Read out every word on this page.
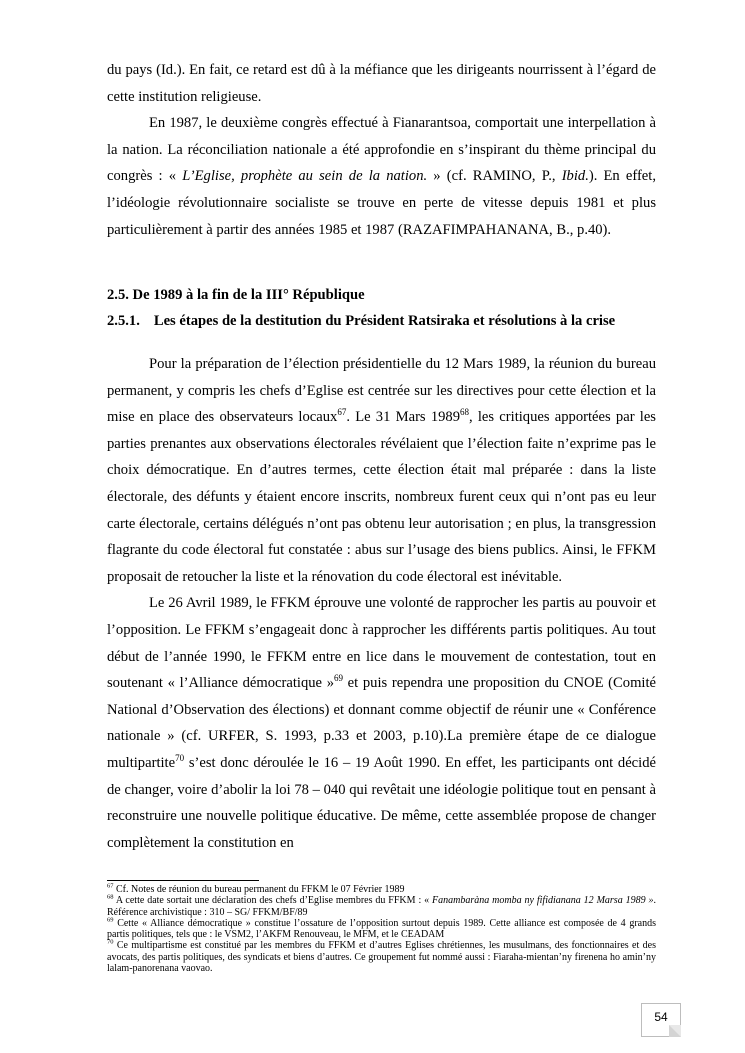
du pays (Id.). En fait, ce retard est dû à la méfiance que les dirigeants nourrissent à l’égard de cette institution religieuse.

En 1987, le deuxième congrès effectué à Fianarantsoa, comportait une interpellation à la nation. La réconciliation nationale a été approfondie en s’inspirant du thème principal du congrès : « L’Eglise, prophète au sein de la nation. » (cf. RAMINO, P., Ibid.). En effet, l’idéologie révolutionnaire socialiste se trouve en perte de vitesse depuis 1981 et plus particulièrement à partir des années 1985 et 1987 (RAZAFIMPAHANANA, B., p.40).

2.5. De 1989 à la fin de la III° République
2.5.1. Les étapes de la destitution du Président Ratsiraka et résolutions à la crise

Pour la préparation de l’élection présidentielle du 12 Mars 1989, la réunion du bureau permanent, y compris les chefs d’Eglise est centrée sur les directives pour cette élection et la mise en place des observateurs locaux$^{67}$. Le 31 Mars 1989$^{68}$, les critiques apportées par les parties prenantes aux observations électorales révélaient que l’élection faite n’exprime pas le choix démocratique. En d’autres termes, cette élection était mal préparée : dans la liste électorale, des défunts y étaient encore inscrits, nombreux furent ceux qui n’ont pas eu leur carte électorale, certains délégués n’ont pas obtenu leur autorisation ; en plus, la transgression flagrante du code électoral fut constatée : abus sur l’usage des biens publics. Ainsi, le FFKM proposait de retoucher la liste et la rénovation du code électoral est inévitable.

Le 26 Avril 1989, le FFKM éprouve une volonté de rapprocher les partis au pouvoir et l’opposition. Le FFKM s’engageait donc à rapprocher les différents partis politiques. Au tout début de l’année 1990, le FFKM entre en lice dans le mouvement de contestation, tout en soutenant « l’Alliance démocratique »$^{69}$ et puis rependra une proposition du CNOE (Comité National d’Observation des élections) et donnant comme objectif de réunir une « Conférence nationale » (cf. URFER, S. 1993, p.33 et 2003, p.10).La première étape de ce dialogue multipartite$^{70}$ s’est donc déroulée le 16 – 19 Août 1990. En effet, les participants ont décidé de changer, voire d’abolir la loi 78 – 040 qui revêtait une idéologie politique tout en pensant à reconstruire une nouvelle politique éducative. De même, cette assemblée propose de changer complètement la constitution en

$^{67}$ Cf. Notes de réunion du bureau permanent du FFKM le 07 Février 1989

$^{68}$ A cette date sortait une déclaration des chefs d’Eglise membres du FFKM : « Fanambaràna momba ny fifidianana 12 Marsa 1989 ». Référence archivistique : 310 – SG/ FFKM/BF/89

$^{69}$ Cette « Alliance démocratique » constitue l’ossature de l’opposition surtout depuis 1989. Cette alliance est composée de 4 grands partis politiques, tels que : le VSM2, l’AKFM Renouveau, le MFM, et le CEADAM

$^{70}$ Ce multipartisme est constitué par les membres du FFKM et d’autres Eglises chrétiennes, les musulmans, des fonctionnaires et des avocats, des partis politiques, des syndicats et biens d’autres. Ce groupement fut nommé aussi : Fiaraha-mientan’ny firenena ho amin’ny lalam-panorenana vaovao.

54
